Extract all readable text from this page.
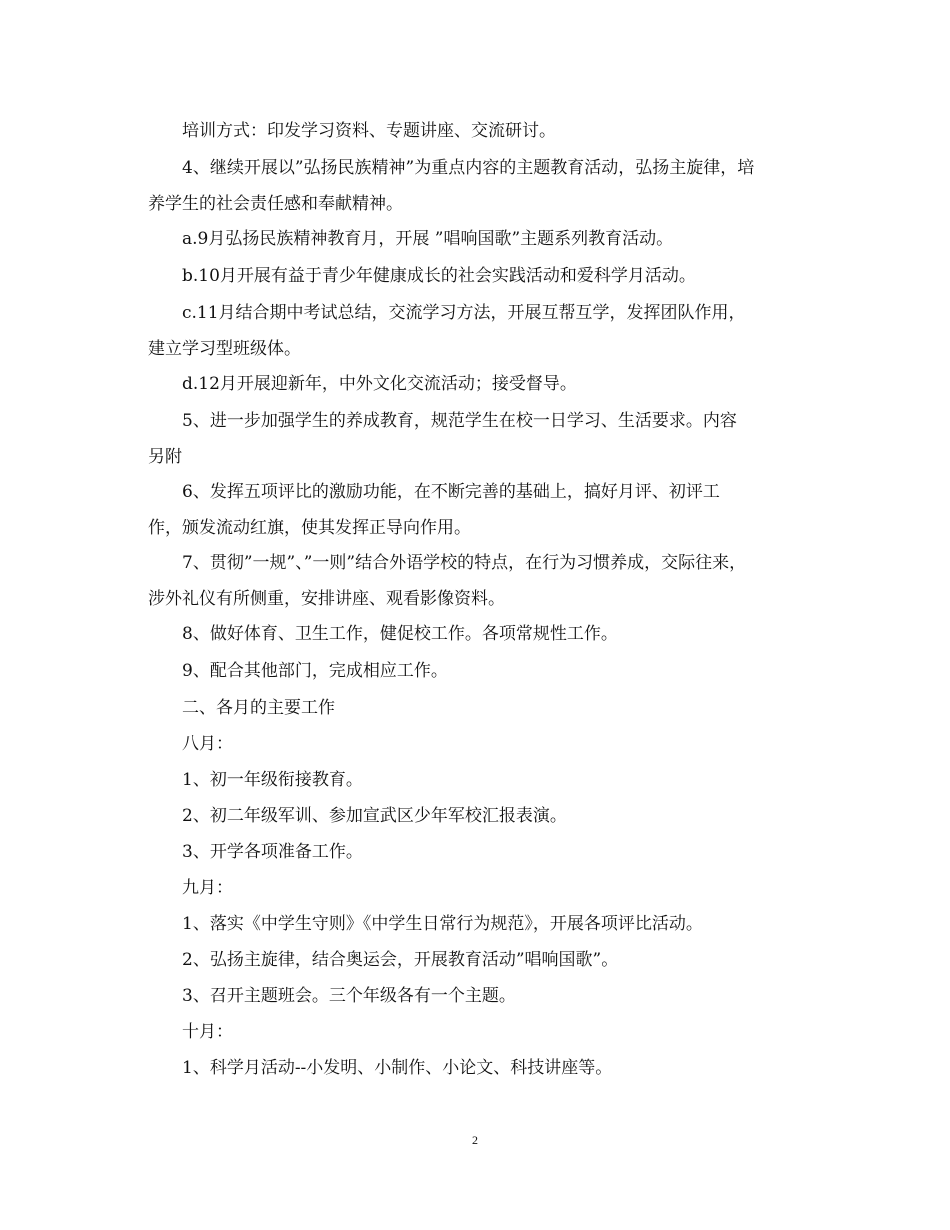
培训方式：印发学习资料、专题讲座、交流研讨。
4、继续开展以”弘扬民族精神”为重点内容的主题教育活动，弘扬主旋律，培
养学生的社会责任感和奉献精神。
a.9月弘扬民族精神教育月，开展 ”唱响国歌”主题系列教育活动。
b.10月开展有益于青少年健康成长的社会实践活动和爱科学月活动。
c.11月结合期中考试总结，交流学习方法，开展互帮互学，发挥团队作用，
建立学习型班级体。
d.12月开展迎新年，中外文化交流活动；接受督导。
5、进一步加强学生的养成教育，规范学生在校一日学习、生活要求。内容
另附
6、发挥五项评比的激励功能，在不断完善的基础上，搞好月评、初评工
作，颁发流动红旗，使其发挥正导向作用。
7、贯彻”一规”、”一则”结合外语学校的特点，在行为习惯养成，交际往来，
涉外礼仪有所侧重，安排讲座、观看影像资料。
8、做好体育、卫生工作，健促校工作。各项常规性工作。
9、配合其他部门，完成相应工作。
二、各月的主要工作
八月：
1、初一年级衔接教育。
2、初二年级军训、参加宣武区少年军校汇报表演。
3、开学各项准备工作。
九月：
1、落实《中学生守则》《中学生日常行为规范》，开展各项评比活动。
2、弘扬主旋律，结合奥运会，开展教育活动”唱响国歌”。
3、召开主题班会。三个年级各有一个主题。
十月：
1、科学月活动--小发明、小制作、小论文、科技讲座等。
2
